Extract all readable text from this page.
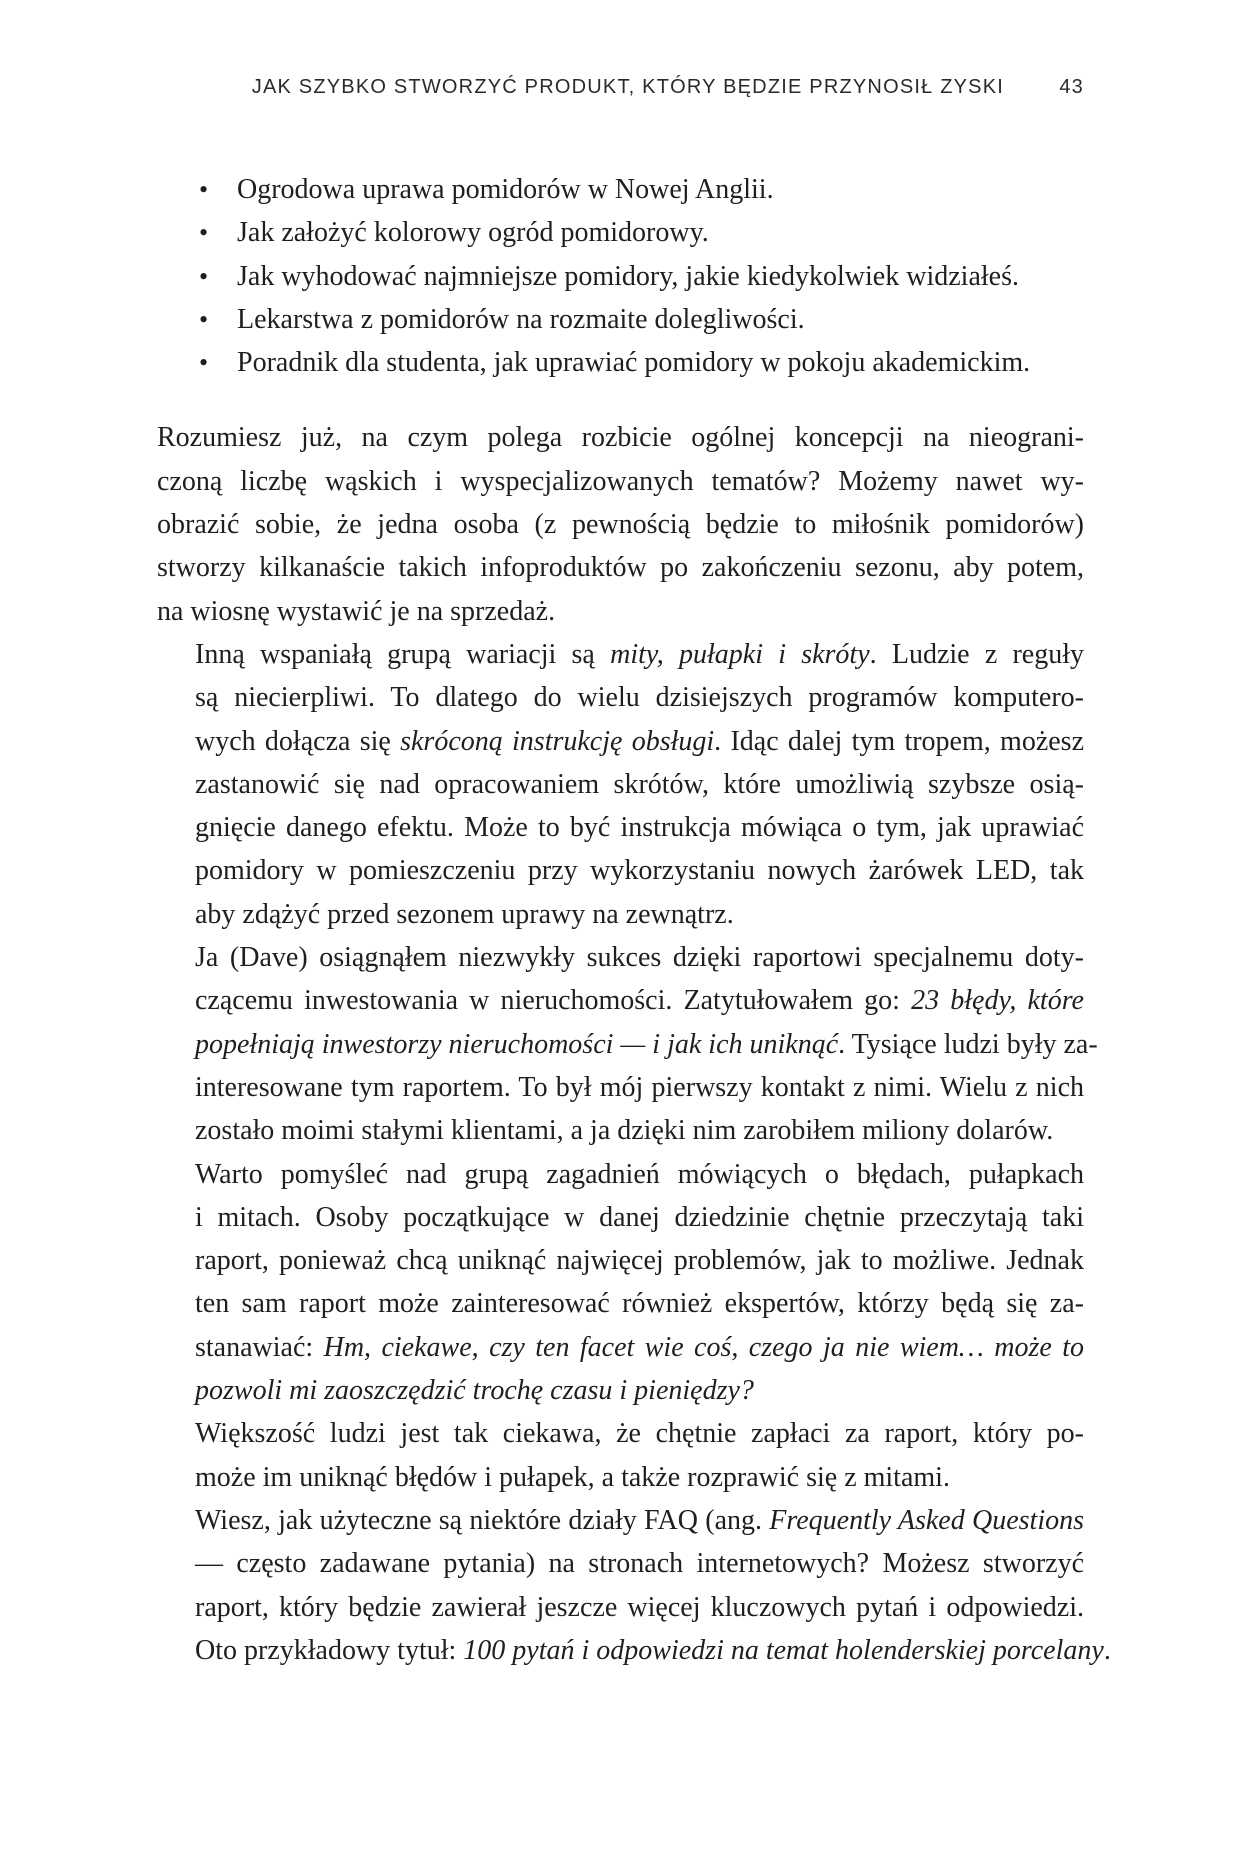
JAK SZYBKO STWORZYĆ PRODUKT, KTÓRY BĘDZIE PRZYNOSIŁ ZYSKI	43
• Ogrodowa uprawa pomidorów w Nowej Anglii.
• Jak założyć kolorowy ogród pomidorowy.
• Jak wyhodować najmniejsze pomidory, jakie kiedykolwiek widziałeś.
• Lekarstwa z pomidorów na rozmaite dolegliwości.
• Poradnik dla studenta, jak uprawiać pomidory w pokoju akademickim.

Rozumiesz już, na czym polega rozbicie ogólnej koncepcji na nieograni-
czoną liczbę wąskich i wyspecjalizowanych tematów? Możemy nawet wy-
obrazić sobie, że jedna osoba (z pewnością będzie to miłośnik pomidorów)
stworzy kilkanaście takich infoproduktów po zakończeniu sezonu, aby potem,
na wiosnę wystawić je na sprzedaż.

Inną wspaniałą grupą wariacji są mity, pułapki i skróty. Ludzie z reguły
są niecierpliwi. To dlatego do wielu dzisiejszych programów komputero-
wych dołącza się skróconą instrukcję obsługi. Idąc dalej tym tropem, możesz
zastanowić się nad opracowaniem skrótów, które umożliwią szybsze osią-
gnięcie danego efektu. Może to być instrukcja mówiąca o tym, jak uprawiać
pomidory w pomieszczeniu przy wykorzystaniu nowych żarówek LED, tak
aby zdążyć przed sezonem uprawy na zewnątrz.

Ja (Dave) osiągnąłem niezwykły sukces dzięki raportowi specjalnemu doty-
czącemu inwestowania w nieruchomości. Zatytułowałem go: 23 błędy, które
popełniają inwestorzy nieruchomości — i jak ich uniknąć. Tysiące ludzi były za-
interesowane tym raportem. To był mój pierwszy kontakt z nimi. Wielu z nich
zostało moimi stałymi klientami, a ja dzięki nim zarobiłem miliony dolarów.

Warto pomyśleć nad grupą zagadnień mówiących o błędach, pułapkach
i mitach. Osoby początkujące w danej dziedzinie chętnie przeczytają taki
raport, ponieważ chcą uniknąć najwięcej problemów, jak to możliwe. Jednak
ten sam raport może zainteresować również ekspertów, którzy będą się za-
stanawiać: Hm, ciekawe, czy ten facet wie coś, czego ja nie wiem… może to
pozwoli mi zaoszczędzić trochę czasu i pieniędzy?

Większość ludzi jest tak ciekawa, że chętnie zapłaci za raport, który po-
może im uniknąć błędów i pułapek, a także rozprawić się z mitami.

Wiesz, jak użyteczne są niektóre działy FAQ (ang. Frequently Asked Questions
— często zadawane pytania) na stronach internetowych? Możesz stworzyć
raport, który będzie zawierał jeszcze więcej kluczowych pytań i odpowiedzi.
Oto przykładowy tytuł: 100 pytań i odpowiedzi na temat holenderskiej porcelany.
